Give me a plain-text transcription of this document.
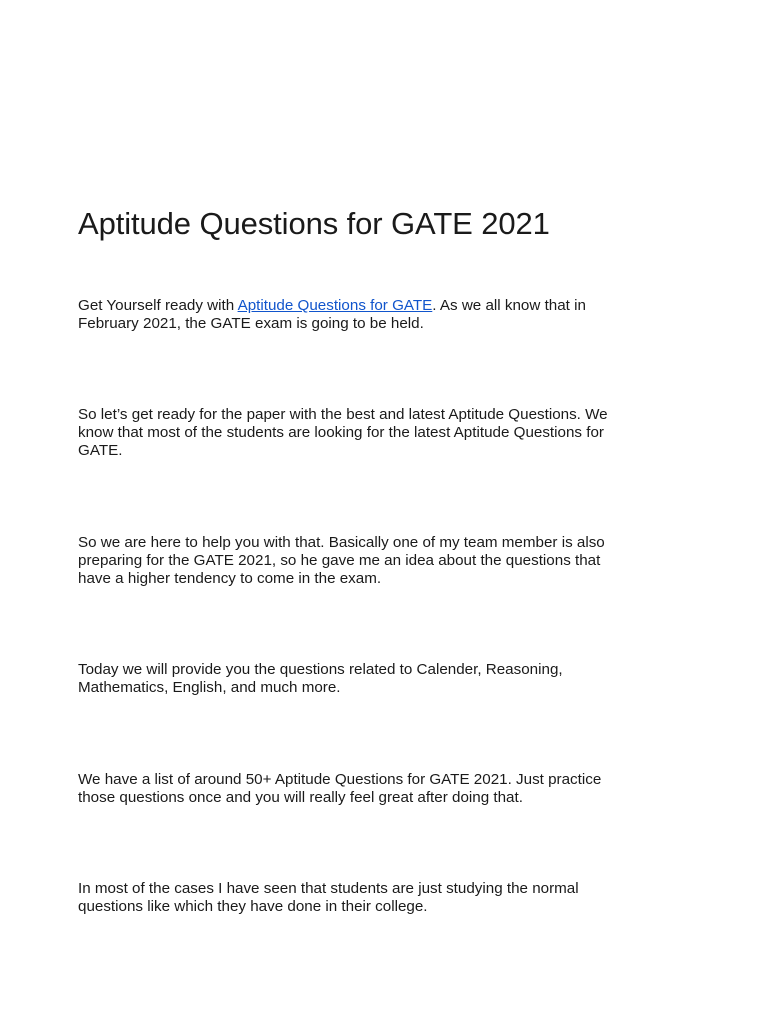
Aptitude Questions for GATE 2021

Get Yourself ready with Aptitude Questions for GATE. As we all know that in
February 2021, the GATE exam is going to be held.

So let’s get ready for the paper with the best and latest Aptitude Questions. We
know that most of the students are looking for the latest Aptitude Questions for
GATE.

So we are here to help you with that. Basically one of my team member is also
preparing for the GATE 2021, so he gave me an idea about the questions that
have a higher tendency to come in the exam.

Today we will provide you the questions related to Calender, Reasoning,
Mathematics, English, and much more.

We have a list of around 50+ Aptitude Questions for GATE 2021. Just practice
those questions once and you will really feel great after doing that.

In most of the cases I have seen that students are just studying the normal
questions like which they have done in their college.
